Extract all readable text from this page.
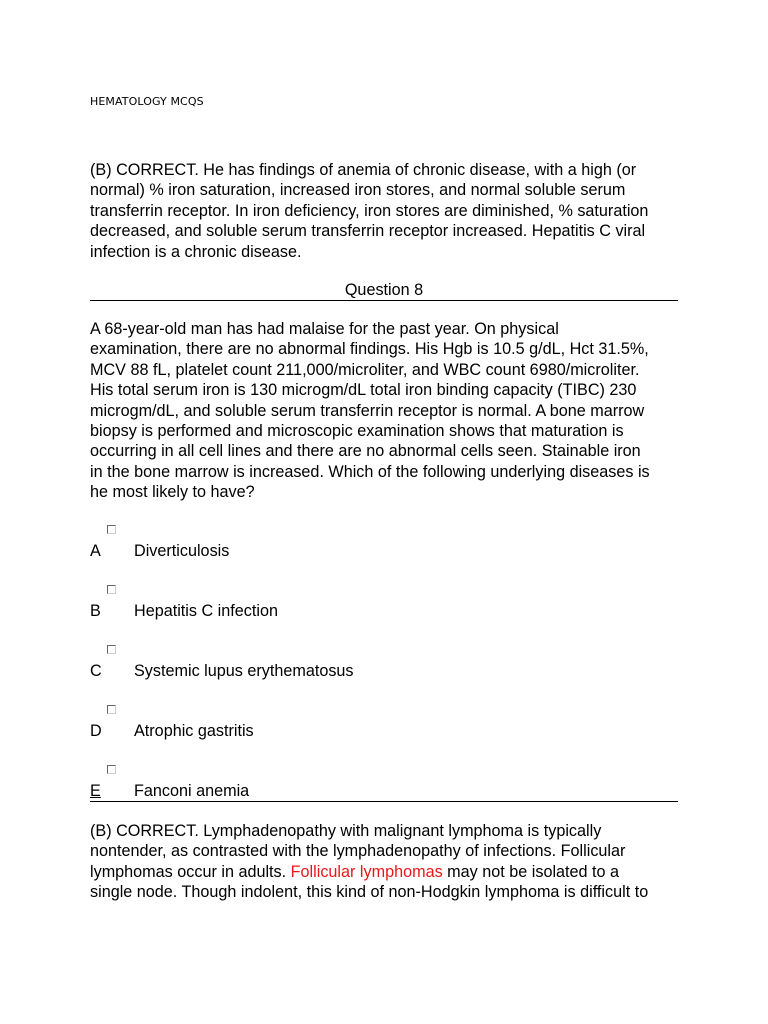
HEMATOLOGY MCQS
(B) CORRECT. He has findings of anemia of chronic disease, with a high (or
normal) % iron saturation, increased iron stores, and normal soluble serum
transferrin receptor. In iron deficiency, iron stores are diminished, % saturation
decreased, and soluble serum transferrin receptor increased. Hepatitis C viral
infection is a chronic disease.
Question 8
A 68-year-old man has had malaise for the past year. On physical
examination, there are no abnormal findings. His Hgb is 10.5 g/dL, Hct 31.5%,
MCV 88 fL, platelet count 211,000/microliter, and WBC count 6980/microliter.
His total serum iron is 130 microgm/dL total iron binding capacity (TIBC) 230
microgm/dL, and soluble serum transferrin receptor is normal. A bone marrow
biopsy is performed and microscopic examination shows that maturation is
occurring in all cell lines and there are no abnormal cells seen. Stainable iron
in the bone marrow is increased. Which of the following underlying diseases is
he most likely to have?
A Diverticulosis
B Hepatitis C infection
C Systemic lupus erythematosus
D Atrophic gastritis
E Fanconi anemia
(B) CORRECT. Lymphadenopathy with malignant lymphoma is typically
nontender, as contrasted with the lymphadenopathy of infections. Follicular
lymphomas occur in adults. Follicular lymphomas may not be isolated to a
single node. Though indolent, this kind of non-Hodgkin lymphoma is difficult to
